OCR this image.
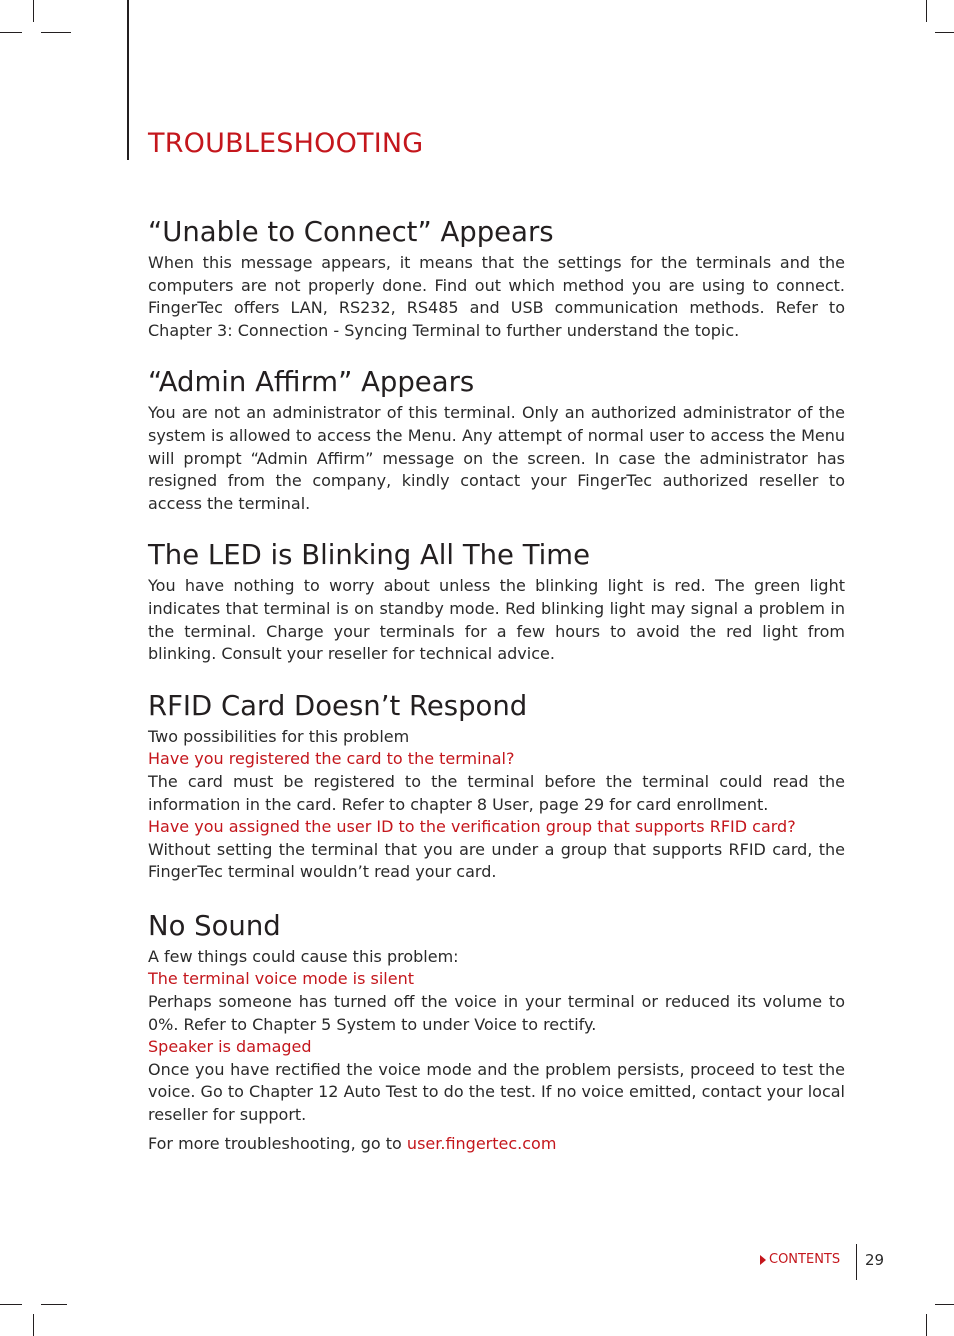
TROUBLESHOOTING
“Unable to Connect” Appears

When this message appears, it means that the settings for the terminals and the computers are not properly done. Find out which method you are using to connect. FingerTec offers LAN, RS232, RS485 and USB communication methods. Refer to Chapter 3: Connection - Syncing Terminal to further understand the topic.

“Admin Affirm” Appears

You are not an administrator of this terminal. Only an authorized administrator of the system is allowed to access the Menu. Any attempt of normal user to access the Menu will prompt “Admin Affirm” message on the screen. In case the administrator has resigned from the company, kindly contact your FingerTec authorized reseller to access the terminal.

The LED is Blinking All The Time

You have nothing to worry about unless the blinking light is red. The green light indicates that terminal is on standby mode. Red blinking light may signal a problem in the terminal. Charge your terminals for a few hours to avoid the red light from blinking. Consult your reseller for technical advice.

RFID Card Doesn’t Respond

Two possibilities for this problem

Have you registered the card to the terminal?

The card must be registered to the terminal before the terminal could read the information in the card. Refer to chapter 8 User, page 29 for card enrollment.

Have you assigned the user ID to the verification group that supports RFID card?

Without setting the terminal that you are under a group that supports RFID card, the FingerTec terminal wouldn’t read your card.

No Sound

A few things could cause this problem:

The terminal voice mode is silent

Perhaps someone has turned off the voice in your terminal or reduced its volume to 0%. Refer to Chapter 5 System to under Voice to rectify.

Speaker is damaged

Once you have rectified the voice mode and the problem persists, proceed to test the voice. Go to Chapter 12 Auto Test to do the test. If no voice emitted, contact your local reseller for support.

For more troubleshooting, go to user.fingertec.com
CONTENTS 29
